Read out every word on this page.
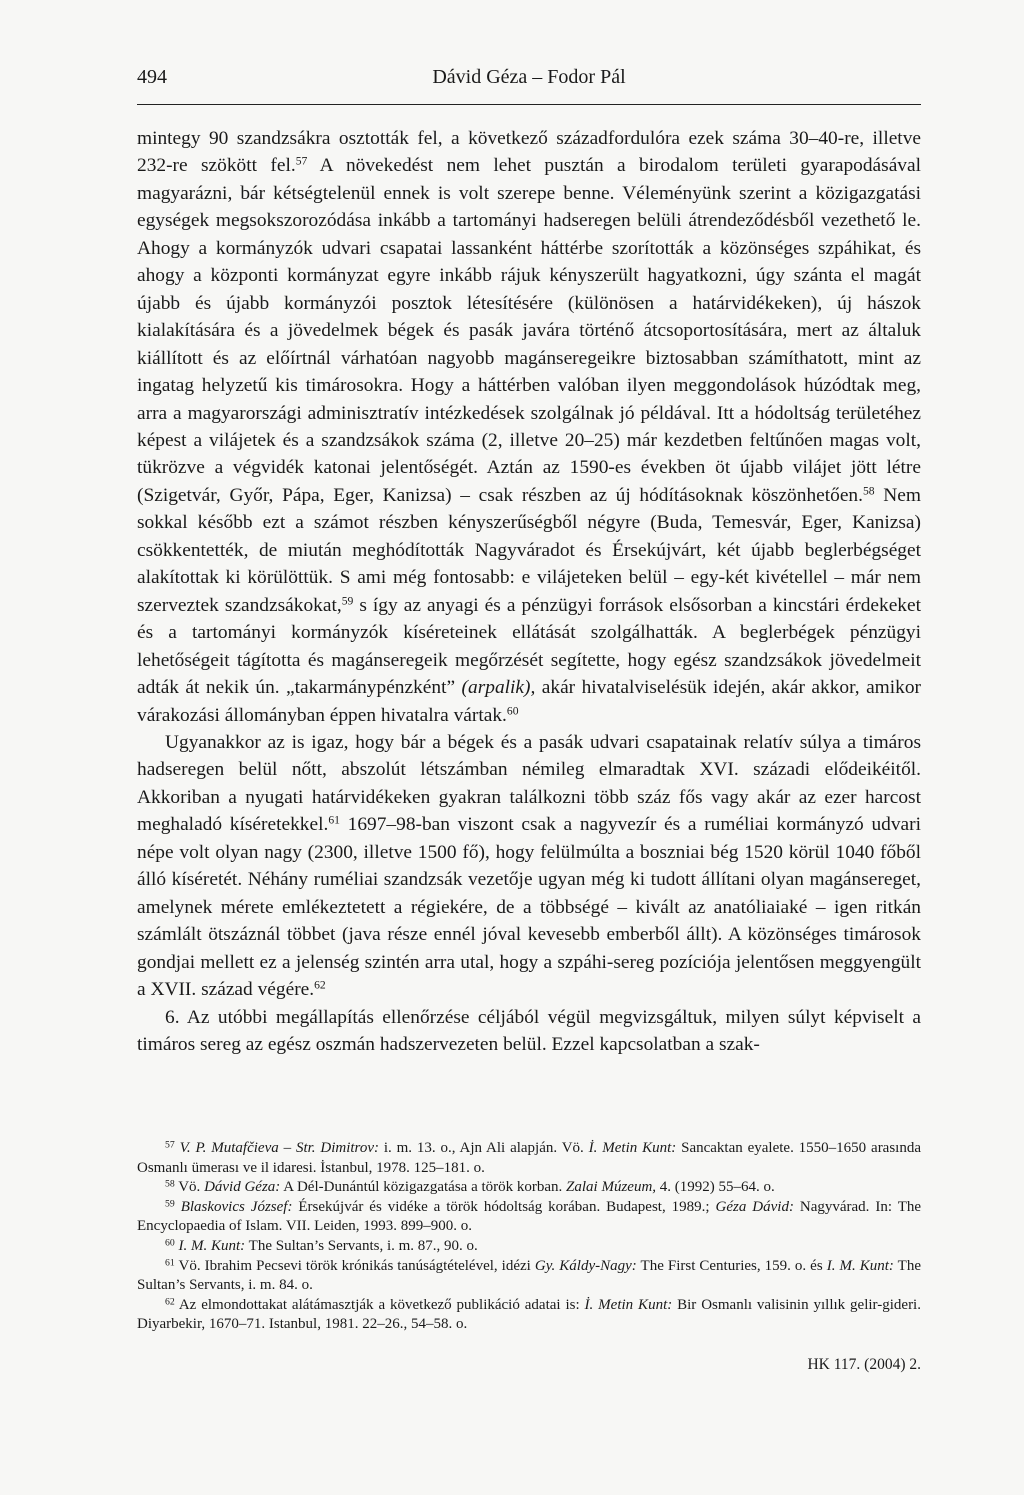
494	Dávid Géza – Fodor Pál

mintegy 90 szandzsákra osztották fel, a következő századfordulóra ezek száma 30–40-re, illetve 232-re szökött fel.$^{57}$ A növekedést nem lehet pusztán a birodalom területi gyarapodásával magyarázni, bár kétségtelenül ennek is volt szerepe benne. Véleményünk szerint a közigazgatási egységek megsokszorozódása inkább a tartományi hadseregen belüli átrendeződésből vezethető le. Ahogy a kormányzók udvari csapatai lassanként háttérbe szorították a közönséges szpáhikat, és ahogy a központi kormányzat egyre inkább rájuk kényszerült hagyatkozni, úgy szánta el magát újabb és újabb kormányzói posztok létesítésére (különösen a határvidékeken), új hászok kialakítására és a jövedelmek bégek és pasák javára történő átcsoportosítására, mert az általuk kiállított és az előírtnál várhatóan nagyobb magánseregeikre biztosabban számíthatott, mint az ingatag helyzetű kis timárosokra. Hogy a háttérben valóban ilyen meggondolások húzódtak meg, arra a magyarországi adminisztratív intézkedések szolgálnak jó példával. Itt a hódoltság területéhez képest a vilájetek és a szandzsákok száma (2, illetve 20–25) már kezdetben feltűnően magas volt, tükrözve a végvidék katonai jelentőségét. Aztán az 1590-es években öt újabb vilájet jött létre (Szigetvár, Győr, Pápa, Eger, Kanizsa) – csak részben az új hódításoknak köszönhetően.$^{58}$ Nem sokkal később ezt a számot részben kényszerűségből négyre (Buda, Temesvár, Eger, Kanizsa) csökkentették, de miután meghódították Nagyváradot és Érsekújvárt, két újabb beglerbégséget alakítottak ki körülöttük. S ami még fontosabb: e vilájeteken belül – egy-két kivétellel – már nem szerveztek szandzsákokat,$^{59}$ s így az anyagi és a pénzügyi források elsősorban a kincstári érdekeket és a tartományi kormányzók kíséreteinek ellátását szolgálhatták. A beglerbégek pénzügyi lehetőségeit tágította és magánseregeik megőrzését segítette, hogy egész szandzsákok jövedelmeit adták át nekik ún. „takarmánypénzként” (arpalik), akár hivatalviselésük idején, akár akkor, amikor várakozási állományban éppen hivatalra vártak.$^{60}$

Ugyanakkor az is igaz, hogy bár a bégek és a pasák udvari csapatainak relatív súlya a timáros hadseregen belül nőtt, abszolút létszámban némileg elmaradtak XVI. századi elődeikéitől. Akkoriban a nyugati határvidékeken gyakran találkozni több száz fős vagy akár az ezer harcost meghaladó kíséretekkel.$^{61}$ 1697–98-ban viszont csak a nagyvezír és a ruméliai kormányzó udvari népe volt olyan nagy (2300, illetve 1500 fő), hogy felülmúlta a boszniai bég 1520 körül 1040 főből álló kíséretét. Néhány ruméliai szandzsák vezetője ugyan még ki tudott állítani olyan magánsereget, amelynek mérete emlékeztetett a régiekére, de a többségé – kivált az anatóliaiaké – igen ritkán számlált ötszáznál többet (java része ennél jóval kevesebb emberből állt). A közönséges timárosok gondjai mellett ez a jelenség szintén arra utal, hogy a szpáhi-sereg pozíciója jelentősen meggyengült a XVII. század végére.$^{62}$

6. Az utóbbi megállapítás ellenőrzése céljából végül megvizsgáltuk, milyen súlyt képviselt a timáros sereg az egész oszmán hadszervezeten belül. Ezzel kapcsolatban a szak-

$^{57}$ V. P. Mutafčieva – Str. Dimitrov: i. m. 13. o., Ajn Ali alapján. Vö. İ. Metin Kunt: Sancaktan eyalete. 1550–1650 arasında Osmanlı ümerası ve il idaresi. İstanbul, 1978. 125–181. o.

$^{58}$ Vö. Dávid Géza: A Dél-Dunántúl közigazgatása a török korban. Zalai Múzeum, 4. (1992) 55–64. o.

$^{59}$ Blaskovics József: Érsekújvár és vidéke a török hódoltság korában. Budapest, 1989.; Géza Dávid: Nagyvárad. In: The Encyclopaedia of Islam. VII. Leiden, 1993. 899–900. o.

$^{60}$ I. M. Kunt: The Sultan’s Servants, i. m. 87., 90. o.

$^{61}$ Vö. Ibrahim Pecsevi török krónikás tanúságtételével, idézi Gy. Káldy-Nagy: The First Centuries, 159. o. és I. M. Kunt: The Sultan’s Servants, i. m. 84. o.

$^{62}$ Az elmondottakat alátámasztják a következő publikáció adatai is: İ. Metin Kunt: Bir Osmanlı valisinin yıllık gelir-gideri. Diyarbekir, 1670–71. Istanbul, 1981. 22–26., 54–58. o.

HK 117. (2004) 2.
